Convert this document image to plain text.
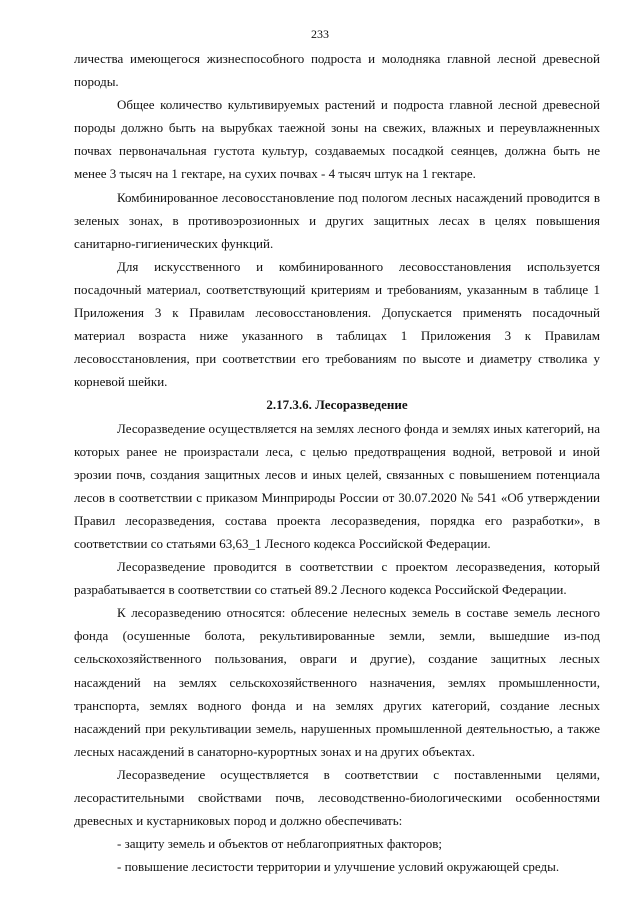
233

личества имеющегося жизнеспособного подроста и молодняка главной лесной древесной породы.

Общее количество культивируемых растений и подроста главной лесной древесной породы должно быть на вырубках таежной зоны на свежих, влажных и переувлажненных почвах первоначальная густота культур, создаваемых посадкой сеянцев, должна быть не менее 3 тысяч на 1 гектаре, на сухих почвах - 4 тысяч штук на 1 гектаре.

Комбинированное лесовосстановление под пологом лесных насаждений проводится в зеленых зонах, в противоэрозионных и других защитных лесах в целях повышения санитарно-гигиенических функций.

Для искусственного и комбинированного лесовосстановления используется посадочный материал, соответствующий критериям и требованиям, указанным в таблице 1 Приложения 3 к Правилам лесовосстановления. Допускается применять посадочный материал возраста ниже указанного в таблицах 1 Приложения 3 к Правилам лесовосстановления, при соответствии его требованиям по высоте и диаметру стволика у корневой шейки.

2.17.3.6. Лесоразведение

Лесоразведение осуществляется на землях лесного фонда и землях иных категорий, на которых ранее не произрастали леса, с целью предотвращения водной, ветровой и иной эрозии почв, создания защитных лесов и иных целей, связанных с повышением потенциала лесов в соответствии с приказом Минприроды России от 30.07.2020 № 541 «Об утверждении Правил лесоразведения, состава проекта лесоразведения, порядка его разработки», в соответствии со статьями 63,63_1 Лесного кодекса Российской Федерации.

Лесоразведение проводится в соответствии с проектом лесоразведения, который разрабатывается в соответствии со статьей 89.2 Лесного кодекса Российской Федерации.

К лесоразведению относятся: облесение нелесных земель в составе земель лесного фонда (осушенные болота, рекультивированные земли, земли, вышедшие из-под сельскохозяйственного пользования, овраги и другие), создание защитных лесных насаждений на землях сельскохозяйственного назначения, землях промышленности, транспорта, землях водного фонда и на землях других категорий, создание лесных насаждений при рекультивации земель, нарушенных промышленной деятельностью, а также лесных насаждений в санаторно-курортных зонах и на других объектах.

Лесоразведение осуществляется в соответствии с поставленными целями, лесорастительными свойствами почв, лесоводственно-биологическими особенностями древесных и кустарниковых пород и должно обеспечивать:

- защиту земель и объектов от неблагоприятных факторов;

- повышение лесистости территории и улучшение условий окружающей среды.
